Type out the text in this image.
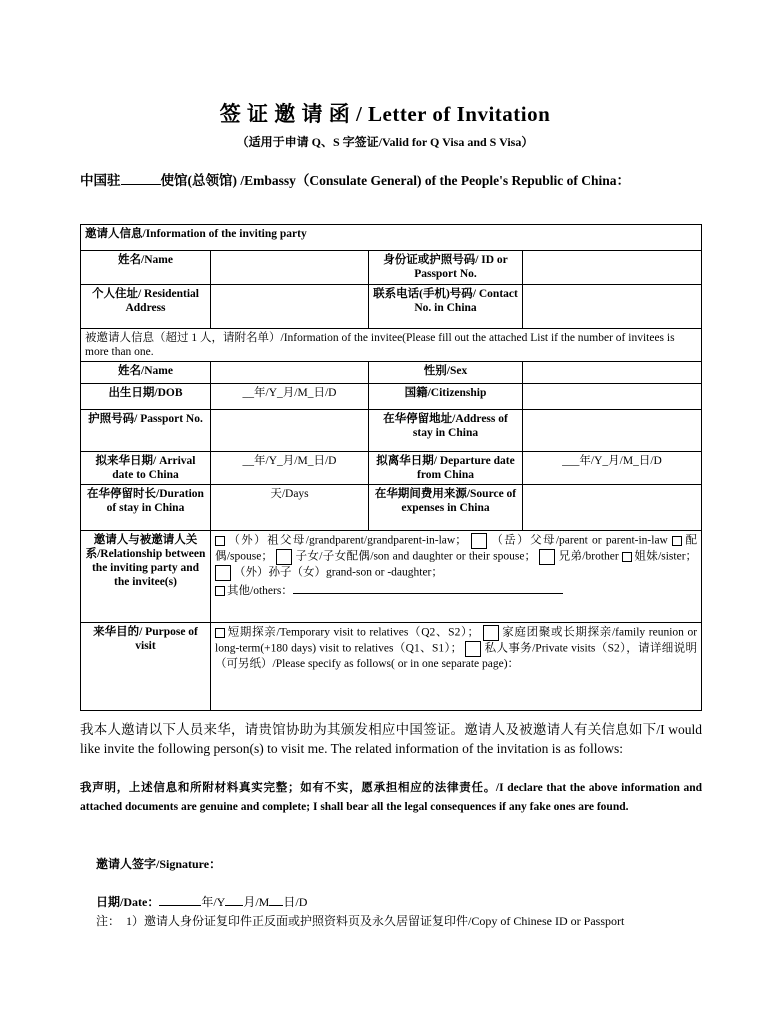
签 证 邀 请 函 / Letter of Invitation
（适用于申请 Q、S 字签证/Valid for Q Visa and S Visa）
中国驻	使馆(总领馆) /Embassy（Consulate General) of the People's Republic of China：
邀请人信息/Information of the inviting party			
姓名/Name		身份证或护照号码/ ID or Passport No.	
个人住址/ Residential Address		联系电话(手机)号码/ Contact No. in China	
被邀请人信息（超过 1 人，请附名单）/Information of the invitee(Please fill out the attached List if the number of invitees is more than one.			
姓名/Name		性别/Sex	
出生日期/DOB	__年/Y_月/M_日/D	国籍/Citizenship	
护照号码/ Passport No.		在华停留地址/Address of stay in China	
拟来华日期/ Arrival date to China	__年/Y_月/M_日/D	拟离华日期/ Departure date from China	___年/Y_月/M_日/D
在华停留时长/Duration of stay in China	天/Days	在华期间费用来源/Source of expenses in China	
邀请人与被邀请人关系/Relationship between the inviting party and the invitee(s)	（外）祖父母/grandparent/grandparent-in-law； （岳）父母/parent or parent-in-law 配偶/spouse； 子女/子女配偶/son and daughter or their spouse； 兄弟/brother 姐妹/sister； （外）孙子（女）grand-son or -daughter；
其他/others：		
来华目的/ Purpose of visit	短期探亲/Temporary visit to relatives（Q2、S2）； 家庭团聚或长期探亲/family reunion or long-term(+180 days) visit to relatives（Q1、S1）； 私人事务/Private visits（S2），请详细说明（可另纸）/Please specify as follows( or in one separate page)：		
我本人邀请以下人员来华，请贵馆协助为其颁发相应中国签证。邀请人及被邀请人有关信息如下/I would like invite the following person(s) to visit me. The related information of the invitation is as follows:
我声明，上述信息和所附材料真实完整；如有不实，愿承担相应的法律责任。/I declare that the above information and attached documents are genuine and complete; I shall bear all the legal consequences if any fake ones are found.
邀请人签字/Signature：
日期/Date：	年/Y 月/M 日/D
注：　1）邀请人身份证复印件正反面或护照资料页及永久居留证复印件/Copy of Chinese ID or Passport
